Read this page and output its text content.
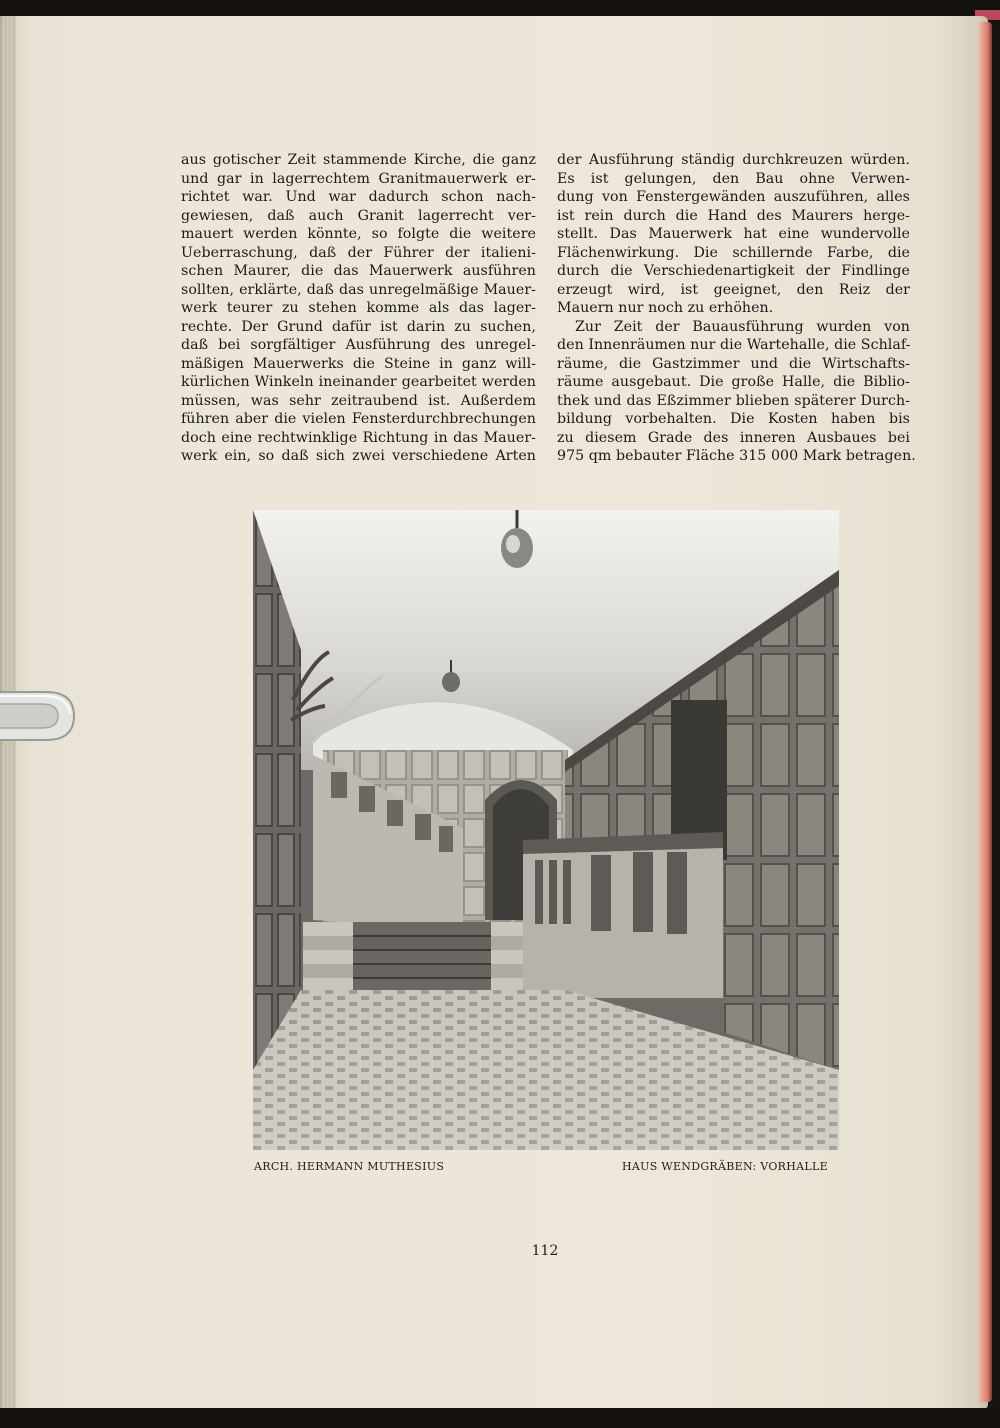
aus gotischer Zeit stammende Kirche, die ganz
und gar in lagerrechtem Granitmauerwerk er-
richtet war. Und war dadurch schon nach-
gewiesen, daß auch Granit lagerrecht ver-
mauert werden könnte, so folgte die weitere
Ueberraschung, daß der Führer der italieni-
schen Maurer, die das Mauerwerk ausführen
sollten, erklärte, daß das unregelmäßige Mauer-
werk teurer zu stehen komme als das lager-
rechte. Der Grund dafür ist darin zu suchen,
daß bei sorgfältiger Ausführung des unregel-
mäßigen Mauerwerks die Steine in ganz will-
kürlichen Winkeln ineinander gearbeitet werden
müssen, was sehr zeitraubend ist. Außerdem
führen aber die vielen Fensterdurchbrechungen
doch eine rechtwinklige Richtung in das Mauer-
werk ein, so daß sich zwei verschiedene Arten
der Ausführung ständig durchkreuzen würden.
Es ist gelungen, den Bau ohne Verwen-
dung von Fenstergewänden auszuführen, alles
ist rein durch die Hand des Maurers herge-
stellt. Das Mauerwerk hat eine wundervolle
Flächenwirkung. Die schillernde Farbe, die
durch die Verschiedenartigkeit der Findlinge
erzeugt wird, ist geeignet, den Reiz der
Mauern nur noch zu erhöhen.
Zur Zeit der Bauausführung wurden von
den Innenräumen nur die Wartehalle, die Schlaf-
räume, die Gastzimmer und die Wirtschafts-
räume ausgebaut. Die große Halle, die Biblio-
thek und das Eßzimmer blieben späterer Durch-
bildung vorbehalten. Die Kosten haben bis
zu diesem Grade des inneren Ausbaues bei
975 qm bebauter Fläche 315 000 Mark betragen.
ARCH. HERMANN MUTHESIUS	HAUS WENDGRÄBEN: VORHALLE
112
